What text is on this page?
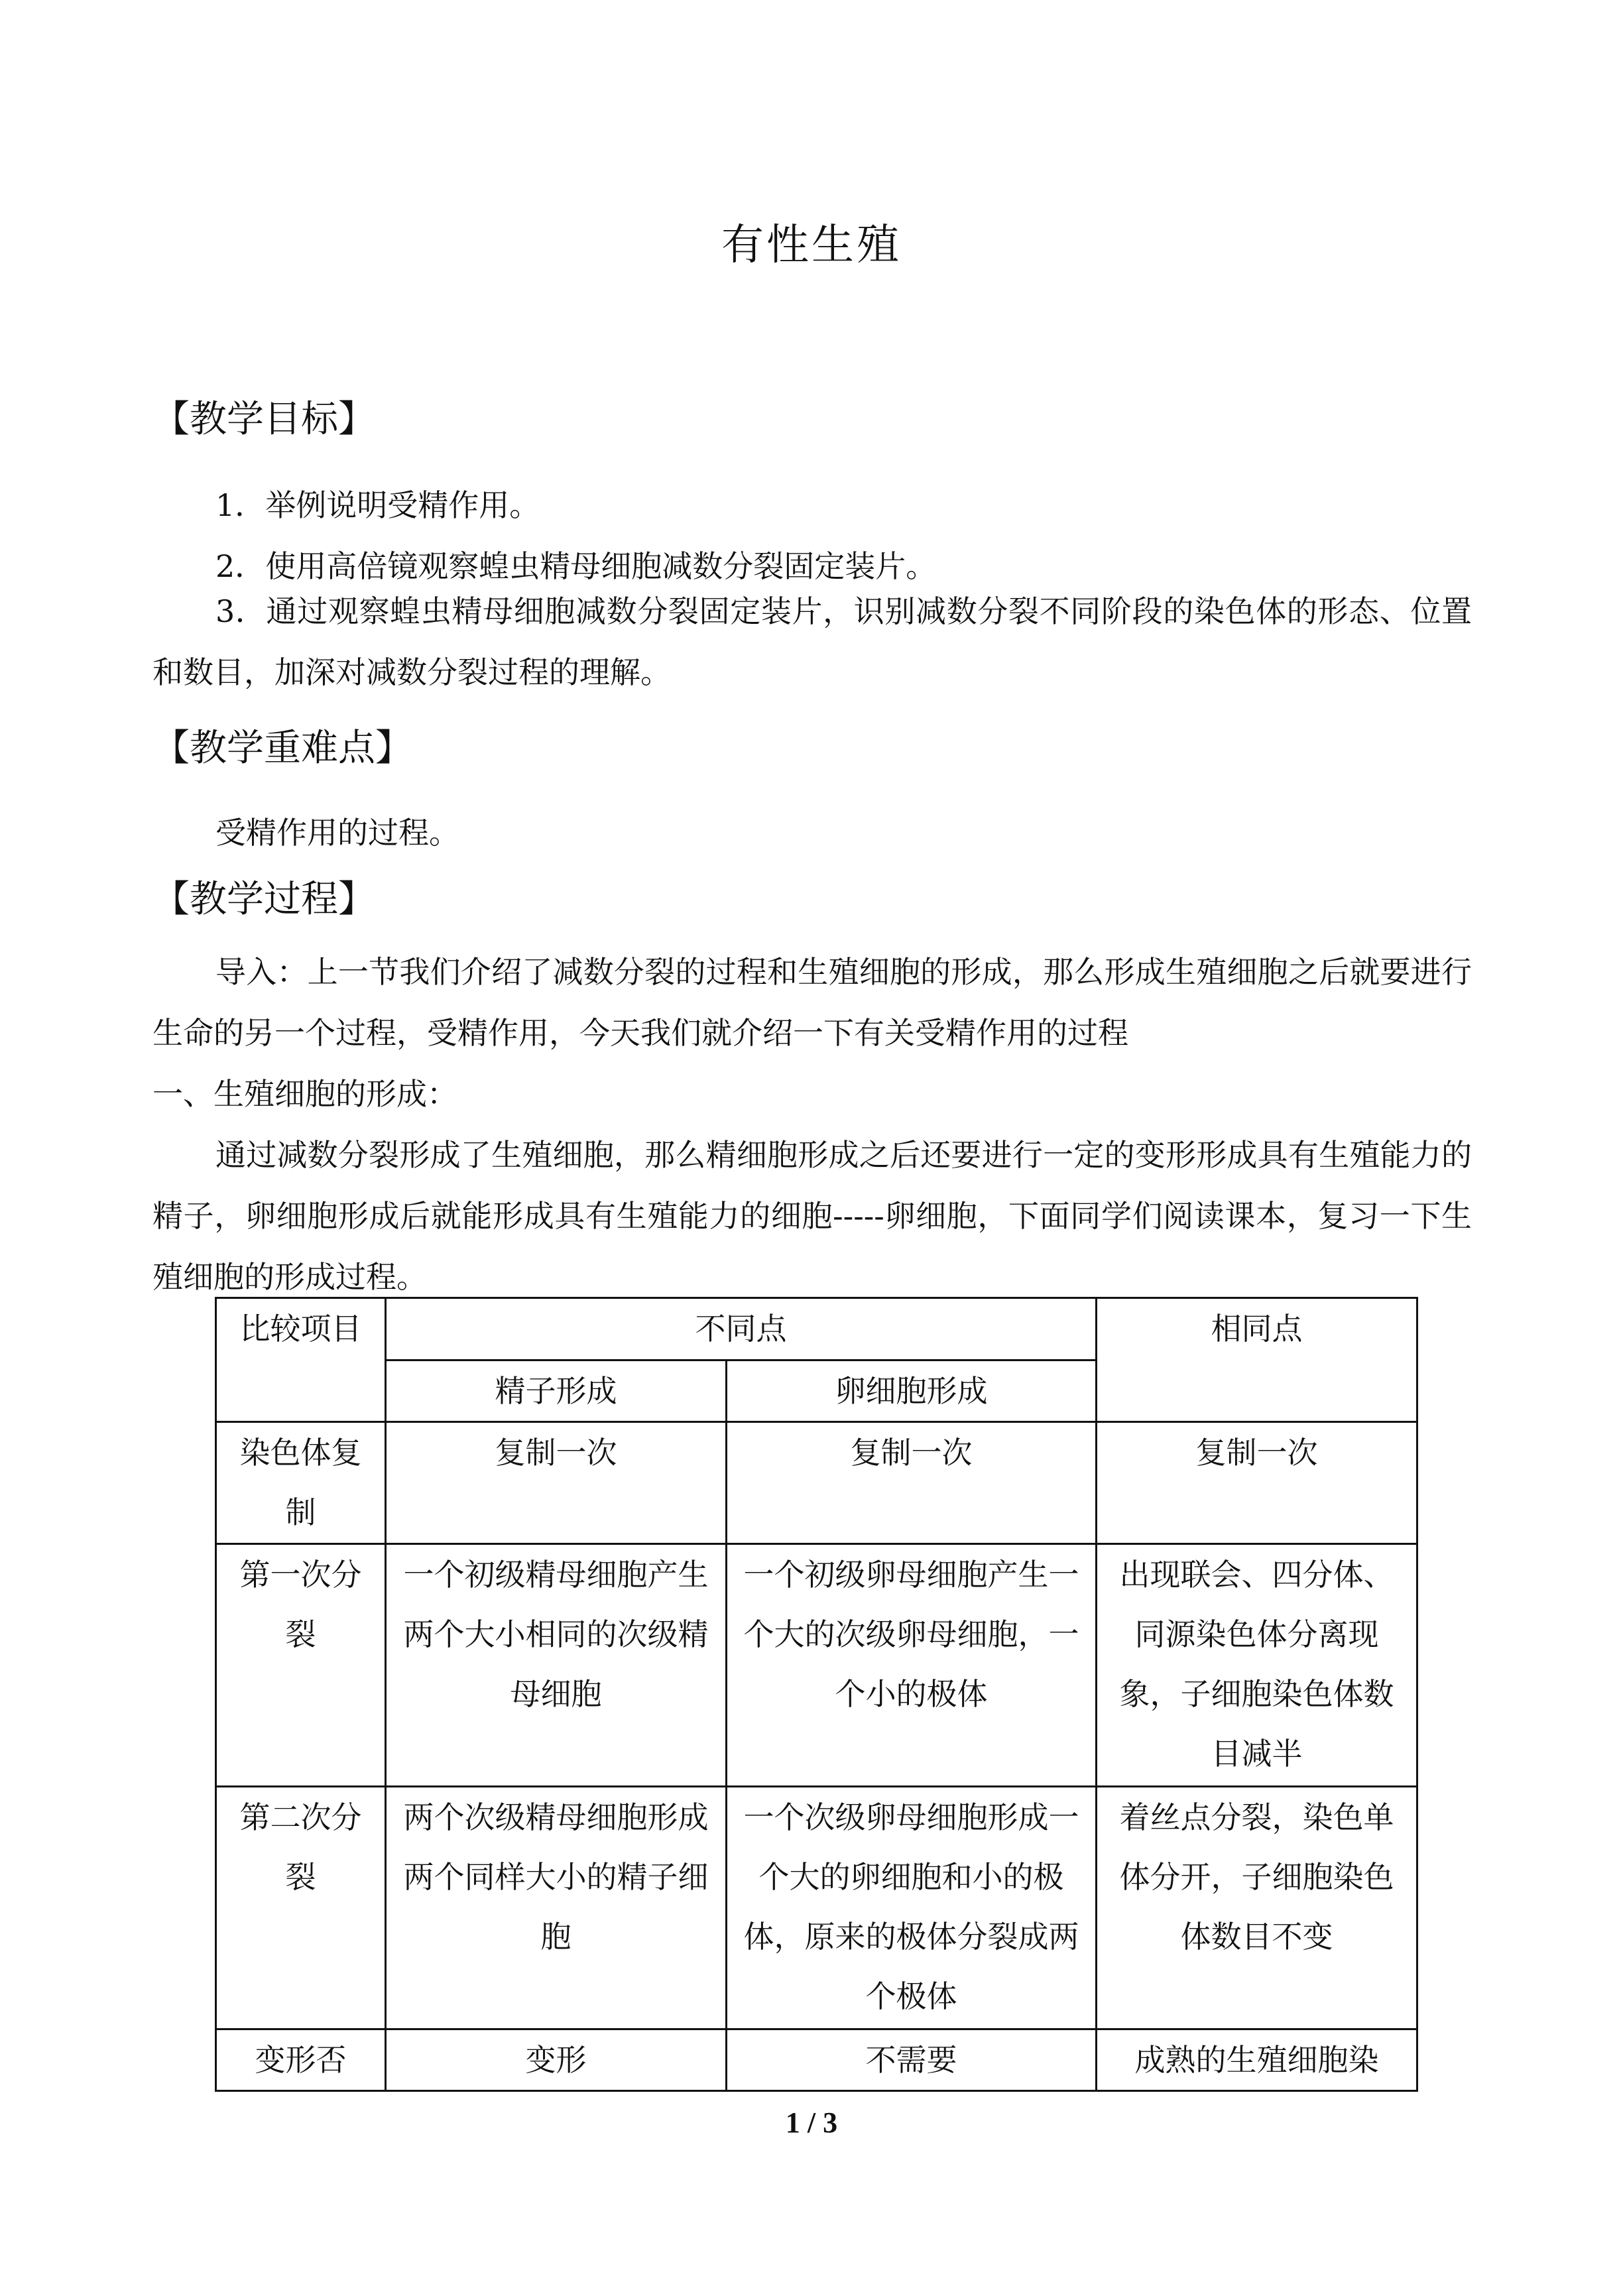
有性生殖
【教学目标】
1．举例说明受精作用。
2．使用高倍镜观察蝗虫精母细胞减数分裂固定装片。
3．通过观察蝗虫精母细胞减数分裂固定装片，识别减数分裂不同阶段的染色体的形态、位置和数目，加深对减数分裂过程的理解。
【教学重难点】
受精作用的过程。
【教学过程】
导入：上一节我们介绍了减数分裂的过程和生殖细胞的形成，那么形成生殖细胞之后就要进行生命的另一个过程，受精作用，今天我们就介绍一下有关受精作用的过程
一、生殖细胞的形成：
通过减数分裂形成了生殖细胞，那么精细胞形成之后还要进行一定的变形形成具有生殖能力的精子，卵细胞形成后就能形成具有生殖能力的细胞-----卵细胞，下面同学们阅读课本，复习一下生殖细胞的形成过程。
比较项目	不同点		相同点
	精子形成	卵细胞形成	
染色体复制	复制一次	复制一次	复制一次
第一次分裂	一个初级精母细胞产生两个大小相同的次级精母细胞	一个初级卵母细胞产生一个大的次级卵母细胞，一个小的极体	出现联会、四分体、同源染色体分离现象，子细胞染色体数目减半
第二次分裂	两个次级精母细胞形成两个同样大小的精子细胞	一个次级卵母细胞形成一个大的卵细胞和小的极体，原来的极体分裂成两个极体	着丝点分裂，染色单体分开，子细胞染色体数目不变
变形否	变形	不需要	成熟的生殖细胞染
1 / 3
